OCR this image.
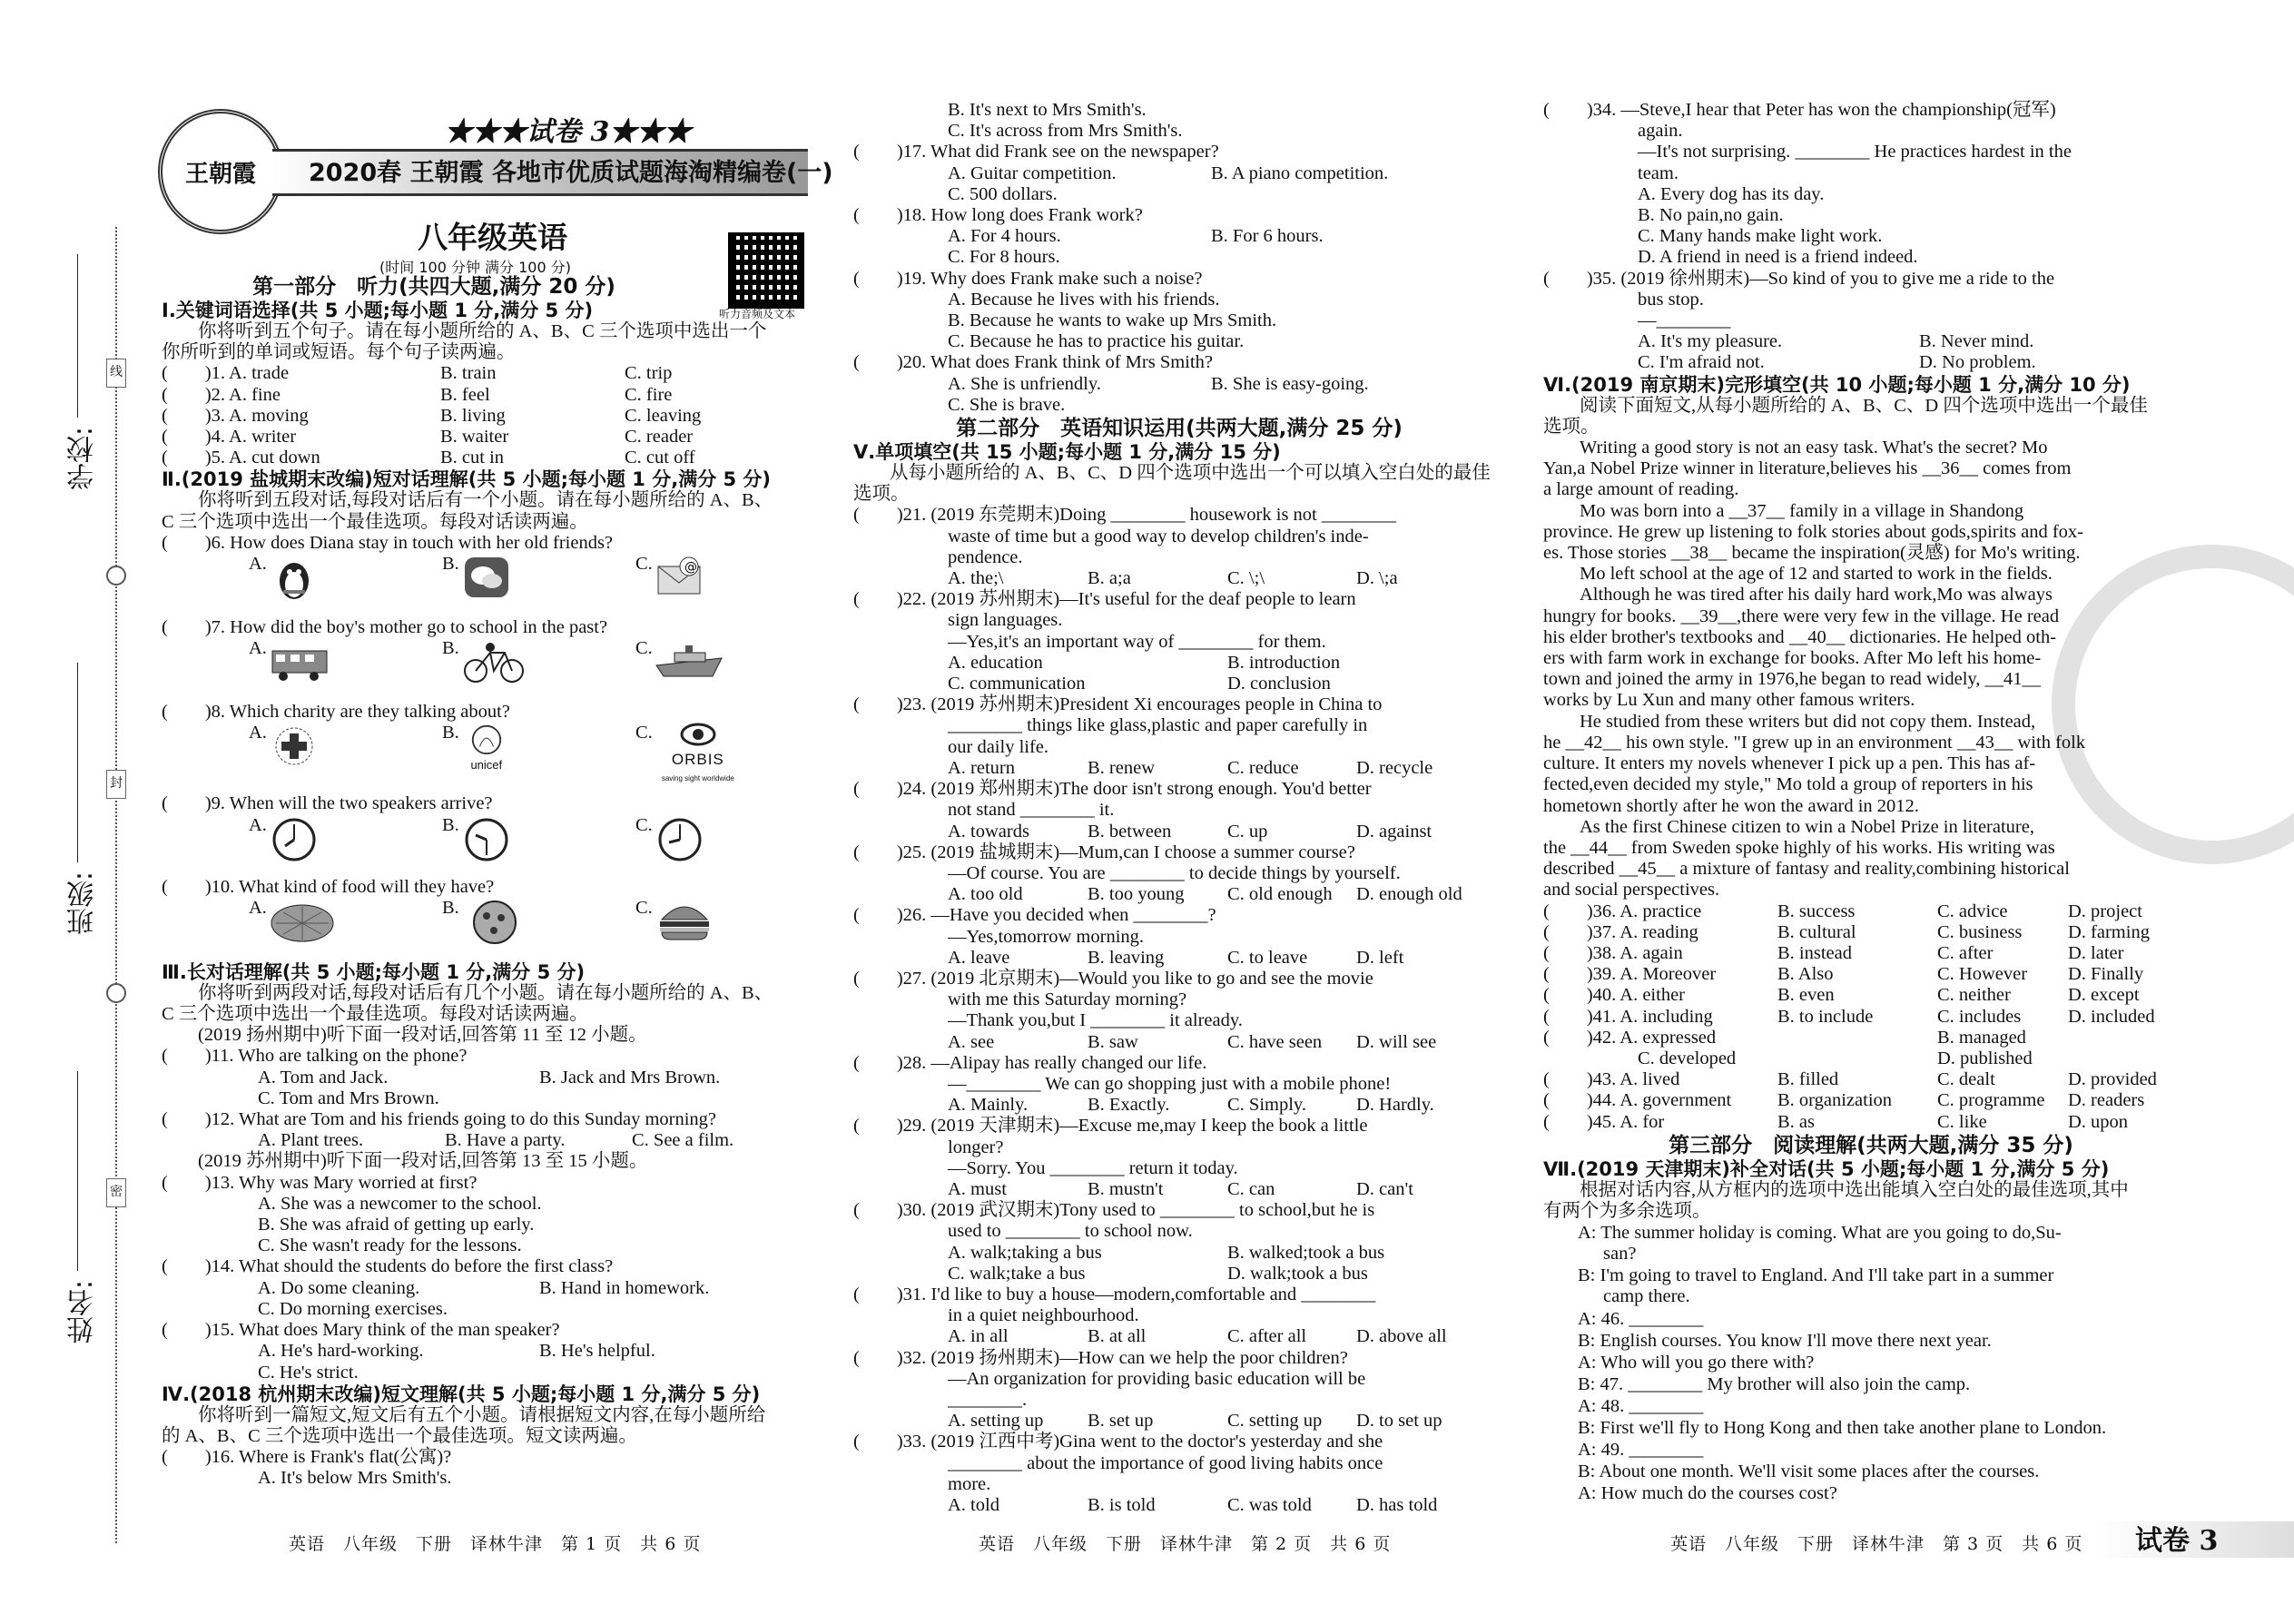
线
封
密
学校:
班级:
姓名:
王朝霞
★★★试卷 3★★★
2020春 王朝霞 各地市优质试题海淘精编卷(一)
八年级英语
(时间 100 分钟 满分 100 分)
听力音频及文本
第一部分　听力(共四大题,满分 20 分)
Ⅰ.关键词语选择(共 5 小题;每小题 1 分,满分 5 分)

你将听到五个句子。请在每小题所给的 A、B、C 三个选项中选出一个

你所听到的单词或短语。每个句子读两遍。

(　　)1. A. trade	B. train	C. trip
(　　)2. A. fine	B. feel	C. fire
(　　)3. A. moving	B. living	C. leaving
(　　)4. A. writer	B. waiter	C. reader
(　　)5. A. cut down	B. cut in	C. cut off
Ⅱ.(2019 盐城期末改编)短对话理解(共 5 小题;每小题 1 分,满分 5 分)

你将听到五段对话,每段对话后有一个小题。请在每小题所给的 A、B、

C 三个选项中选出一个最佳选项。每段对话读两遍。

(　　)6. How does Diana stay in touch with her old friends?

A.	B.	C.	@

(　　)7. How did the boy's mother go to school in the past?

A.	B.	C.

(　　)8. Which charity are they talking about?

A.	B.

unicef
C.

ORBIS
saving sight worldwide

(　　)9. When will the two speakers arrive?

A.	B.	C.

(　　)10. What kind of food will they have?

A.	B.	C.
Ⅲ.长对话理解(共 5 小题;每小题 1 分,满分 5 分)

你将听到两段对话,每段对话后有几个小题。请在每小题所给的 A、B、

C 三个选项中选出一个最佳选项。每段对话读两遍。

(2019 扬州期中)听下面一段对话,回答第 11 至 12 小题。

(　　)11. Who are talking on the phone?

A. Tom and Jack.	B. Jack and Mrs Brown.

C. Tom and Mrs Brown.

(　　)12. What are Tom and his friends going to do this Sunday morning?

A. Plant trees.	B. Have a party.	C. See a film.

(2019 苏州期中)听下面一段对话,回答第 13 至 15 小题。

(　　)13. Why was Mary worried at first?

A. She was a newcomer to the school.

B. She was afraid of getting up early.

C. She wasn't ready for the lessons.

(　　)14. What should the students do before the first class?

A. Do some cleaning.	B. Hand in homework.

C. Do morning exercises.

(　　)15. What does Mary think of the man speaker?

A. He's hard-working.	B. He's helpful.

C. He's strict.

Ⅳ.(2018 杭州期末改编)短文理解(共 5 小题;每小题 1 分,满分 5 分)

你将听到一篇短文,短文后有五个小题。请根据短文内容,在每小题所给

的 A、B、C 三个选项中选出一个最佳选项。短文读两遍。

(　　)16. Where is Frank's flat(公寓)?

A. It's below Mrs Smith's.

英语　八年级　下册　译林牛津　第 1 页　共 6 页

B. It's next to Mrs Smith's.

C. It's across from Mrs Smith's.

(　　)17. What did Frank see on the newspaper?

A. Guitar competition.	B. A piano competition.

C. 500 dollars.

(　　)18. How long does Frank work?

A. For 4 hours.	B. For 6 hours.

C. For 8 hours.

(　　)19. Why does Frank make such a noise?

A. Because he lives with his friends.

B. Because he wants to wake up Mrs Smith.

C. Because he has to practice his guitar.

(　　)20. What does Frank think of Mrs Smith?

A. She is unfriendly.	B. She is easy-going.

C. She is brave.

第二部分　英语知识运用(共两大题,满分 25 分)
Ⅴ.单项填空(共 15 小题;每小题 1 分,满分 15 分)

从每小题所给的 A、B、C、D 四个选项中选出一个可以填入空白处的最佳

选项。

(　　)21. (2019 东莞期末)Doing ________ housework is not ________

waste of time but a good way to develop children's inde-

pendence.

A. the;\	B. a;a	C. \;\	D. \;a

(　　)22. (2019 苏州期末)—It's useful for the deaf people to learn

sign languages.

—Yes,it's an important way of ________ for them.

A. education	B. introduction
C. communication	D. conclusion

(　　)23. (2019 苏州期末)President Xi encourages people in China to

________ things like glass,plastic and paper carefully in

our daily life.

A. return	B. renew	C. reduce	D. recycle

(　　)24. (2019 郑州期末)The door isn't strong enough. You'd better

not stand ________ it.

A. towards	B. between	C. up	D. against

(　　)25. (2019 盐城期末)—Mum,can I choose a summer course?

—Of course. You are ________ to decide things by yourself.

A. too old	B. too young	C. old enough	D. enough old

(　　)26. —Have you decided when ________?

—Yes,tomorrow morning.

A. leave	B. leaving	C. to leave	D. left

(　　)27. (2019 北京期末)—Would you like to go and see the movie

with me this Saturday morning?

—Thank you,but I ________ it already.

A. see	B. saw	C. have seen	D. will see

(　　)28. —Alipay has really changed our life.

—________ We can go shopping just with a mobile phone!

A. Mainly.	B. Exactly.	C. Simply.	D. Hardly.

(　　)29. (2019 天津期末)—Excuse me,may I keep the book a little

longer?

—Sorry. You ________ return it today.

A. must	B. mustn't	C. can	D. can't

(　　)30. (2019 武汉期末)Tony used to ________ to school,but he is

used to ________ to school now.

A. walk;taking a bus	B. walked;took a bus
C. walk;take a bus	D. walk;took a bus

(　　)31. I'd like to buy a house—modern,comfortable and ________

in a quiet neighbourhood.

A. in all	B. at all	C. after all	D. above all

(　　)32. (2019 扬州期末)—How can we help the poor children?

—An organization for providing basic education will be

________.

A. setting up	B. set up	C. setting up	D. to set up

(　　)33. (2019 江西中考)Gina went to the doctor's yesterday and she

________ about the importance of good living habits once

more.

A. told	B. is told	C. was told	D. has told
英语　八年级　下册　译林牛津　第 2 页　共 6 页

(　　)34. —Steve,I hear that Peter has won the championship(冠军)

again.

—It's not surprising. ________ He practices hardest in the

team.

A. Every dog has its day.

B. No pain,no gain.

C. Many hands make light work.

D. A friend in need is a friend indeed.

(　　)35. (2019 徐州期末)—So kind of you to give me a ride to the

bus stop.

—________

A. It's my pleasure.	B. Never mind.
C. I'm afraid not.	D. No problem.
Ⅵ.(2019 南京期末)完形填空(共 10 小题;每小题 1 分,满分 10 分)

阅读下面短文,从每小题所给的 A、B、C、D 四个选项中选出一个最佳

选项。

Writing a good story is not an easy task. What's the secret? Mo

Yan,a Nobel Prize winner in literature,believes his __36__ comes from

a large amount of reading.

Mo was born into a __37__ family in a village in Shandong

province. He grew up listening to folk stories about gods,spirits and fox-

es. Those stories __38__ became the inspiration(灵感) for Mo's writing.

Mo left school at the age of 12 and started to work in the fields.

Although he was tired after his daily hard work,Mo was always

hungry for books. __39__,there were very few in the village. He read

his elder brother's textbooks and __40__ dictionaries. He helped oth-

ers with farm work in exchange for books. After Mo left his home-

town and joined the army in 1976,he began to read widely, __41__

works by Lu Xun and many other famous writers.

He studied from these writers but did not copy them. Instead,

he __42__ his own style. "I grew up in an environment __43__ with folk

culture. It enters my novels whenever I pick up a pen. This has af-

fected,even decided my style," Mo told a group of reporters in his

hometown shortly after he won the award in 2012.

As the first Chinese citizen to win a Nobel Prize in literature,

the __44__ from Sweden spoke highly of his works. His writing was

described __45__ a mixture of fantasy and reality,combining historical

and social perspectives.

(　　)36. A. practice	B. success	C. advice	D. project
(　　)37. A. reading	B. cultural	C. business	D. farming
(　　)38. A. again	B. instead	C. after	D. later
(　　)39. A. Moreover	B. Also	C. However	D. Finally
(　　)40. A. either	B. even	C. neither	D. except
(　　)41. A. including	B. to include	C. includes	D. included
(　　)42. A. expressed	B. managed
C. developed	D. published
(　　)43. A. lived	B. filled	C. dealt	D. provided
(　　)44. A. government	B. organization	C. programme	D. readers
(　　)45. A. for	B. as	C. like	D. upon
第三部分　阅读理解(共两大题,满分 35 分)
Ⅶ.(2019 天津期末)补全对话(共 5 小题;每小题 1 分,满分 5 分)

根据对话内容,从方框内的选项中选出能填入空白处的最佳选项,其中

有两个为多余选项。

A: The summer holiday is coming. What are you going to do,Su-

san?

B: I'm going to travel to England. And I'll take part in a summer

camp there.

A: 46. ________

B: English courses. You know I'll move there next year.

A: Who will you go there with?

B: 47. ________ My brother will also join the camp.

A: 48. ________

B: First we'll fly to Hong Kong and then take another plane to London.

A: 49. ________

B: About one month. We'll visit some places after the courses.

A: How much do the courses cost?

英语　八年级　下册　译林牛津　第 3 页　共 6 页 试卷 3
